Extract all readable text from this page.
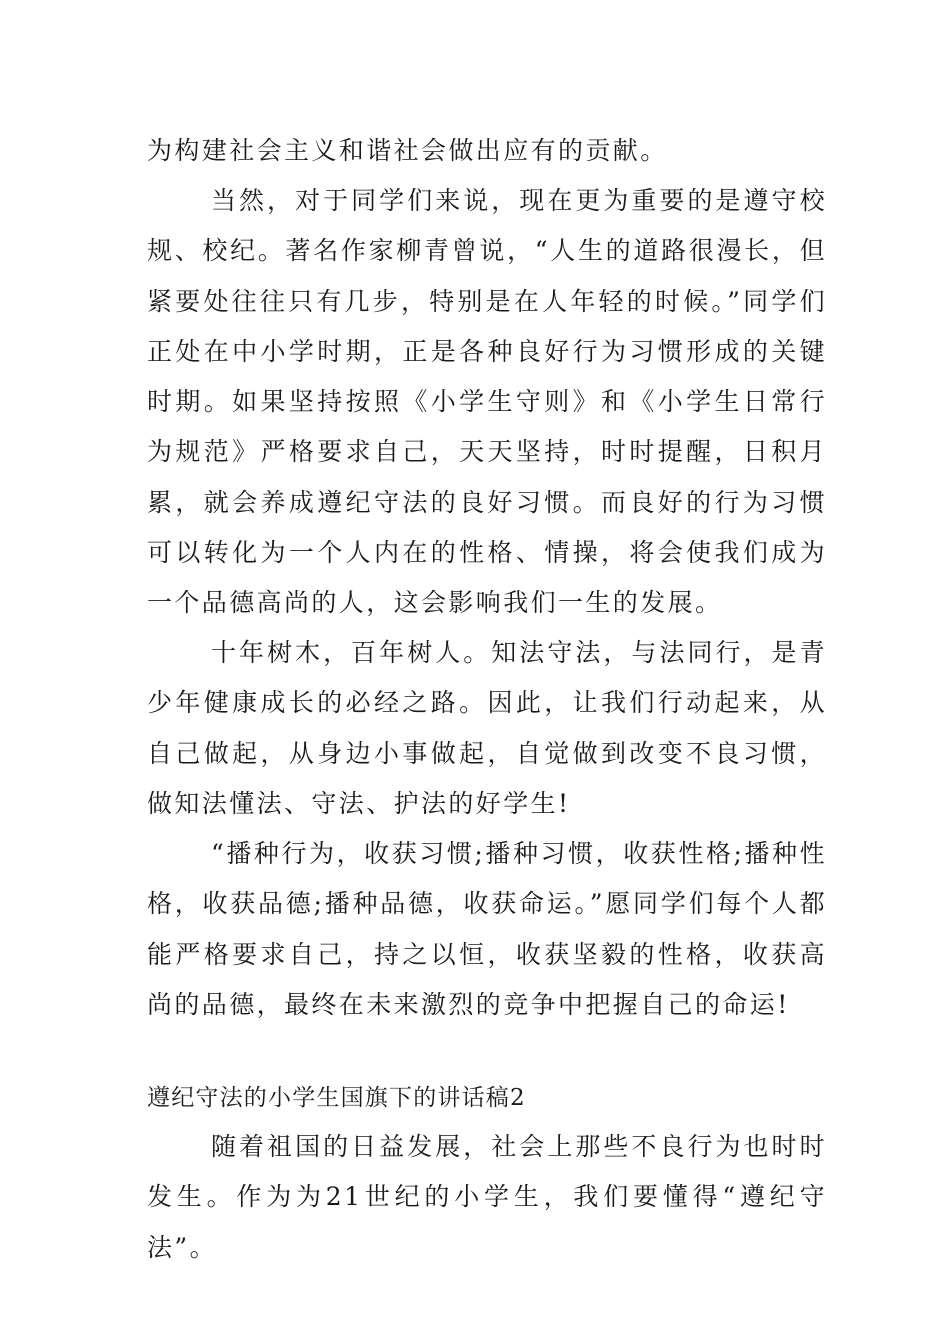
为构建社会主义和谐社会做出应有的贡献。

当然，对于同学们来说，现在更为重要的是遵守校规、校纪。著名作家柳青曾说，“人生的道路很漫长，但紧要处往往只有几步，特别是在人年轻的时候。”同学们正处在中小学时期，正是各种良好行为习惯形成的关键时期。如果坚持按照《小学生守则》和《小学生日常行为规范》严格要求自己，天天坚持，时时提醒，日积月累，就会养成遵纪守法的良好习惯。而良好的行为习惯可以转化为一个人内在的性格、情操，将会使我们成为一个品德高尚的人，这会影响我们一生的发展。

十年树木，百年树人。知法守法，与法同行，是青少年健康成长的必经之路。因此，让我们行动起来，从自己做起，从身边小事做起，自觉做到改变不良习惯，做知法懂法、守法、护法的好学生!

“播种行为，收获习惯;播种习惯，收获性格;播种性格，收获品德;播种品德，收获命运。”愿同学们每个人都能严格要求自己，持之以恒，收获坚毅的性格，收获高尚的品德，最终在未来激烈的竞争中把握自己的命运!

遵纪守法的小学生国旗下的讲话稿2

随着祖国的日益发展，社会上那些不良行为也时时发生。作为为21世纪的小学生，我们要懂得“遵纪守法”。
